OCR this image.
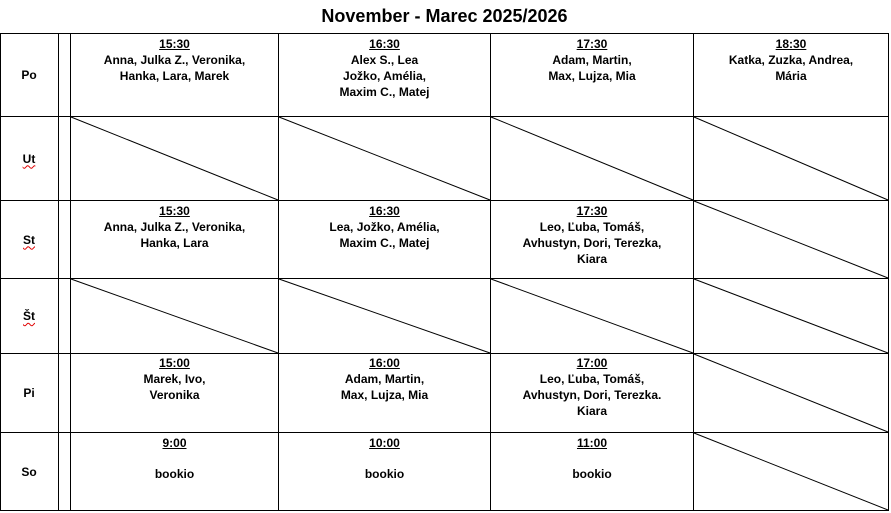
November - Marec 2025/2026
Po
Ut
St
Št
Pi
So
15:30
Anna, Julka Z., Veronika,
Hanka, Lara, Marek
16:30
Alex S., Lea
Jožko, Amélia,
Maxim C., Matej
17:30
Adam, Martin,
Max, Lujza, Mia
18:30
Katka, Zuzka, Andrea,
Mária
15:30
Anna, Julka Z., Veronika,
Hanka, Lara
16:30
Lea, Jožko, Amélia,
Maxim C., Matej
17:30
Leo, Ľuba, Tomáš,
Avhustyn, Dori, Terezka,
Kiara
15:00
Marek, Ivo,
Veronika
16:00
Adam, Martin,
Max, Lujza, Mia
17:00
Leo, Ľuba, Tomáš,
Avhustyn, Dori, Terezka.
Kiara
9:00
bookio
10:00
bookio
11:00
bookio
